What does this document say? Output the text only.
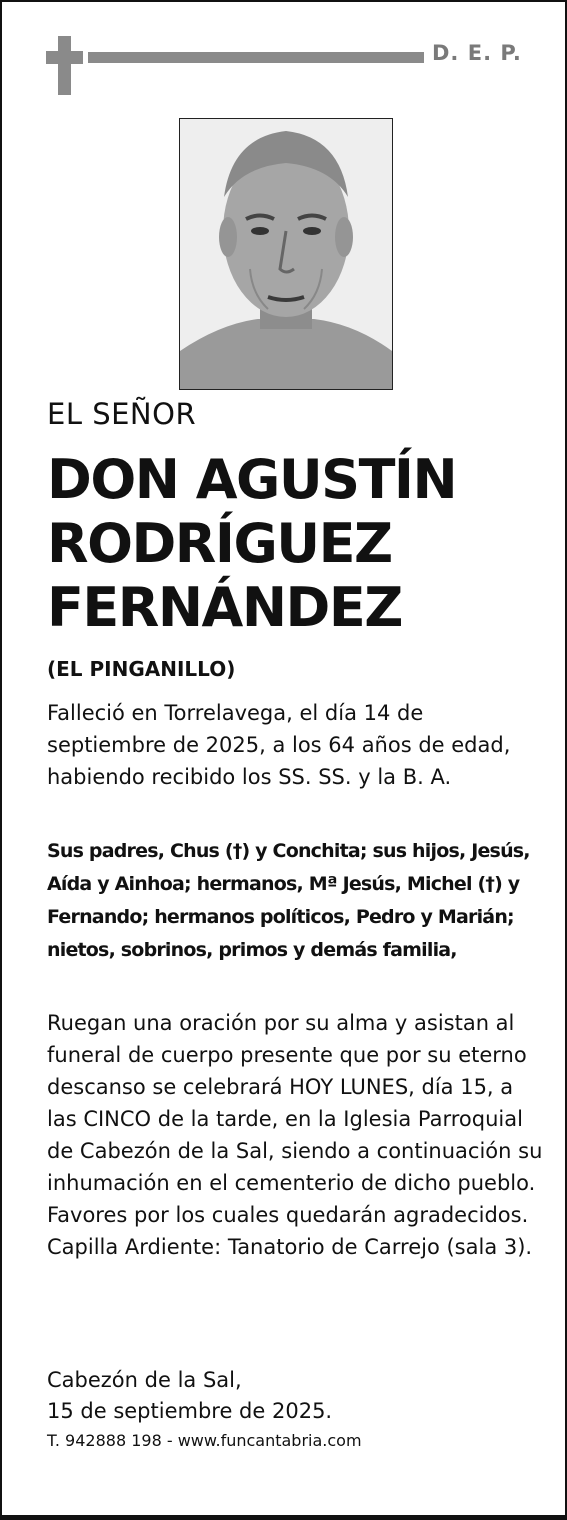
D. E. P.
EL SEÑOR
DON AGUSTÍN
RODRÍGUEZ
FERNÁNDEZ
(EL PINGANILLO)
Falleció en Torrelavega, el día 14 de septiembre de 2025, a los 64 años de edad, habiendo recibido los SS. SS. y la B. A.
Sus padres, Chus (†) y Conchita; sus hijos, Jesús, Aída y Ainhoa; hermanos, Mª Jesús, Michel (†) y Fernando; hermanos políticos, Pedro y Marián; nietos, sobrinos, primos y demás familia,
Ruegan una oración por su alma y asistan al funeral de cuerpo presente que por su eterno descanso se celebrará HOY LUNES, día 15, a las CINCO de la tarde, en la Iglesia Parroquial de Cabezón de la Sal, siendo a continuación su inhumación en el cementerio de dicho pueblo. Favores por los cuales quedarán agradecidos. Capilla Ardiente: Tanatorio de Carrejo (sala 3).
Cabezón de la Sal,
15 de septiembre de 2025.
T. 942888 198 - www.funcantabria.com
